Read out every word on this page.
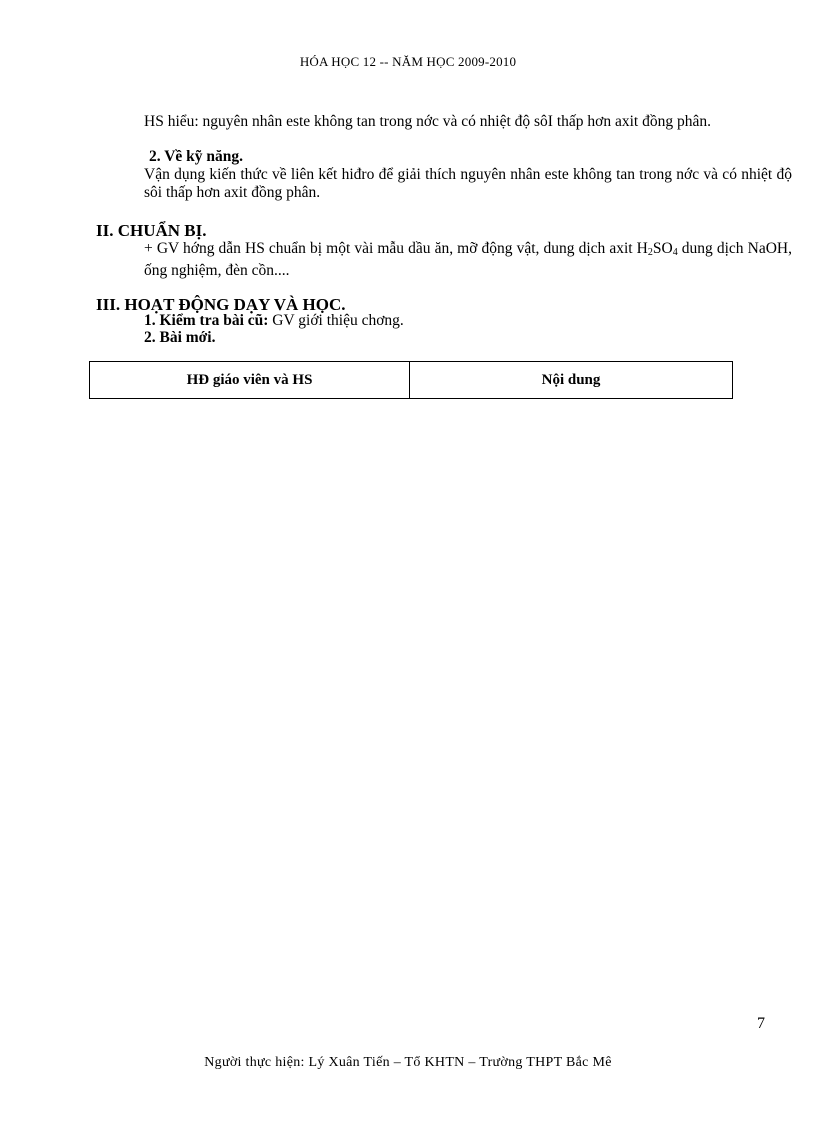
HÓA HỌC 12 -- NĂM HỌC 2009-2010
HS hiểu: nguyên nhân este không tan trong nớc và có nhiệt độ sôI thấp hơn axit đồng phân.
2. Về kỹ năng.
Vận dụng kiến thức về liên kết hiđro để giải thích nguyên nhân este không tan trong nớc và có nhiệt độ sôi thấp hơn axit đồng phân.
II. CHUẨN BỊ.
+ GV hớng dẫn HS chuẩn bị một vài mẫu dầu ăn, mỡ động vật, dung dịch axit $H_2SO_4$ dung dịch NaOH, ống nghiệm, đèn cồn....
III. HOẠT ĐỘNG DẠY VÀ HỌC.
1. Kiểm tra bài cũ: GV giới thiệu chơng.
2. Bài mới.
HĐ giáo viên và HS	Nội dung
7
Người thực hiện: Lý Xuân Tiến – Tổ KHTN – Trường THPT Bắc Mê
